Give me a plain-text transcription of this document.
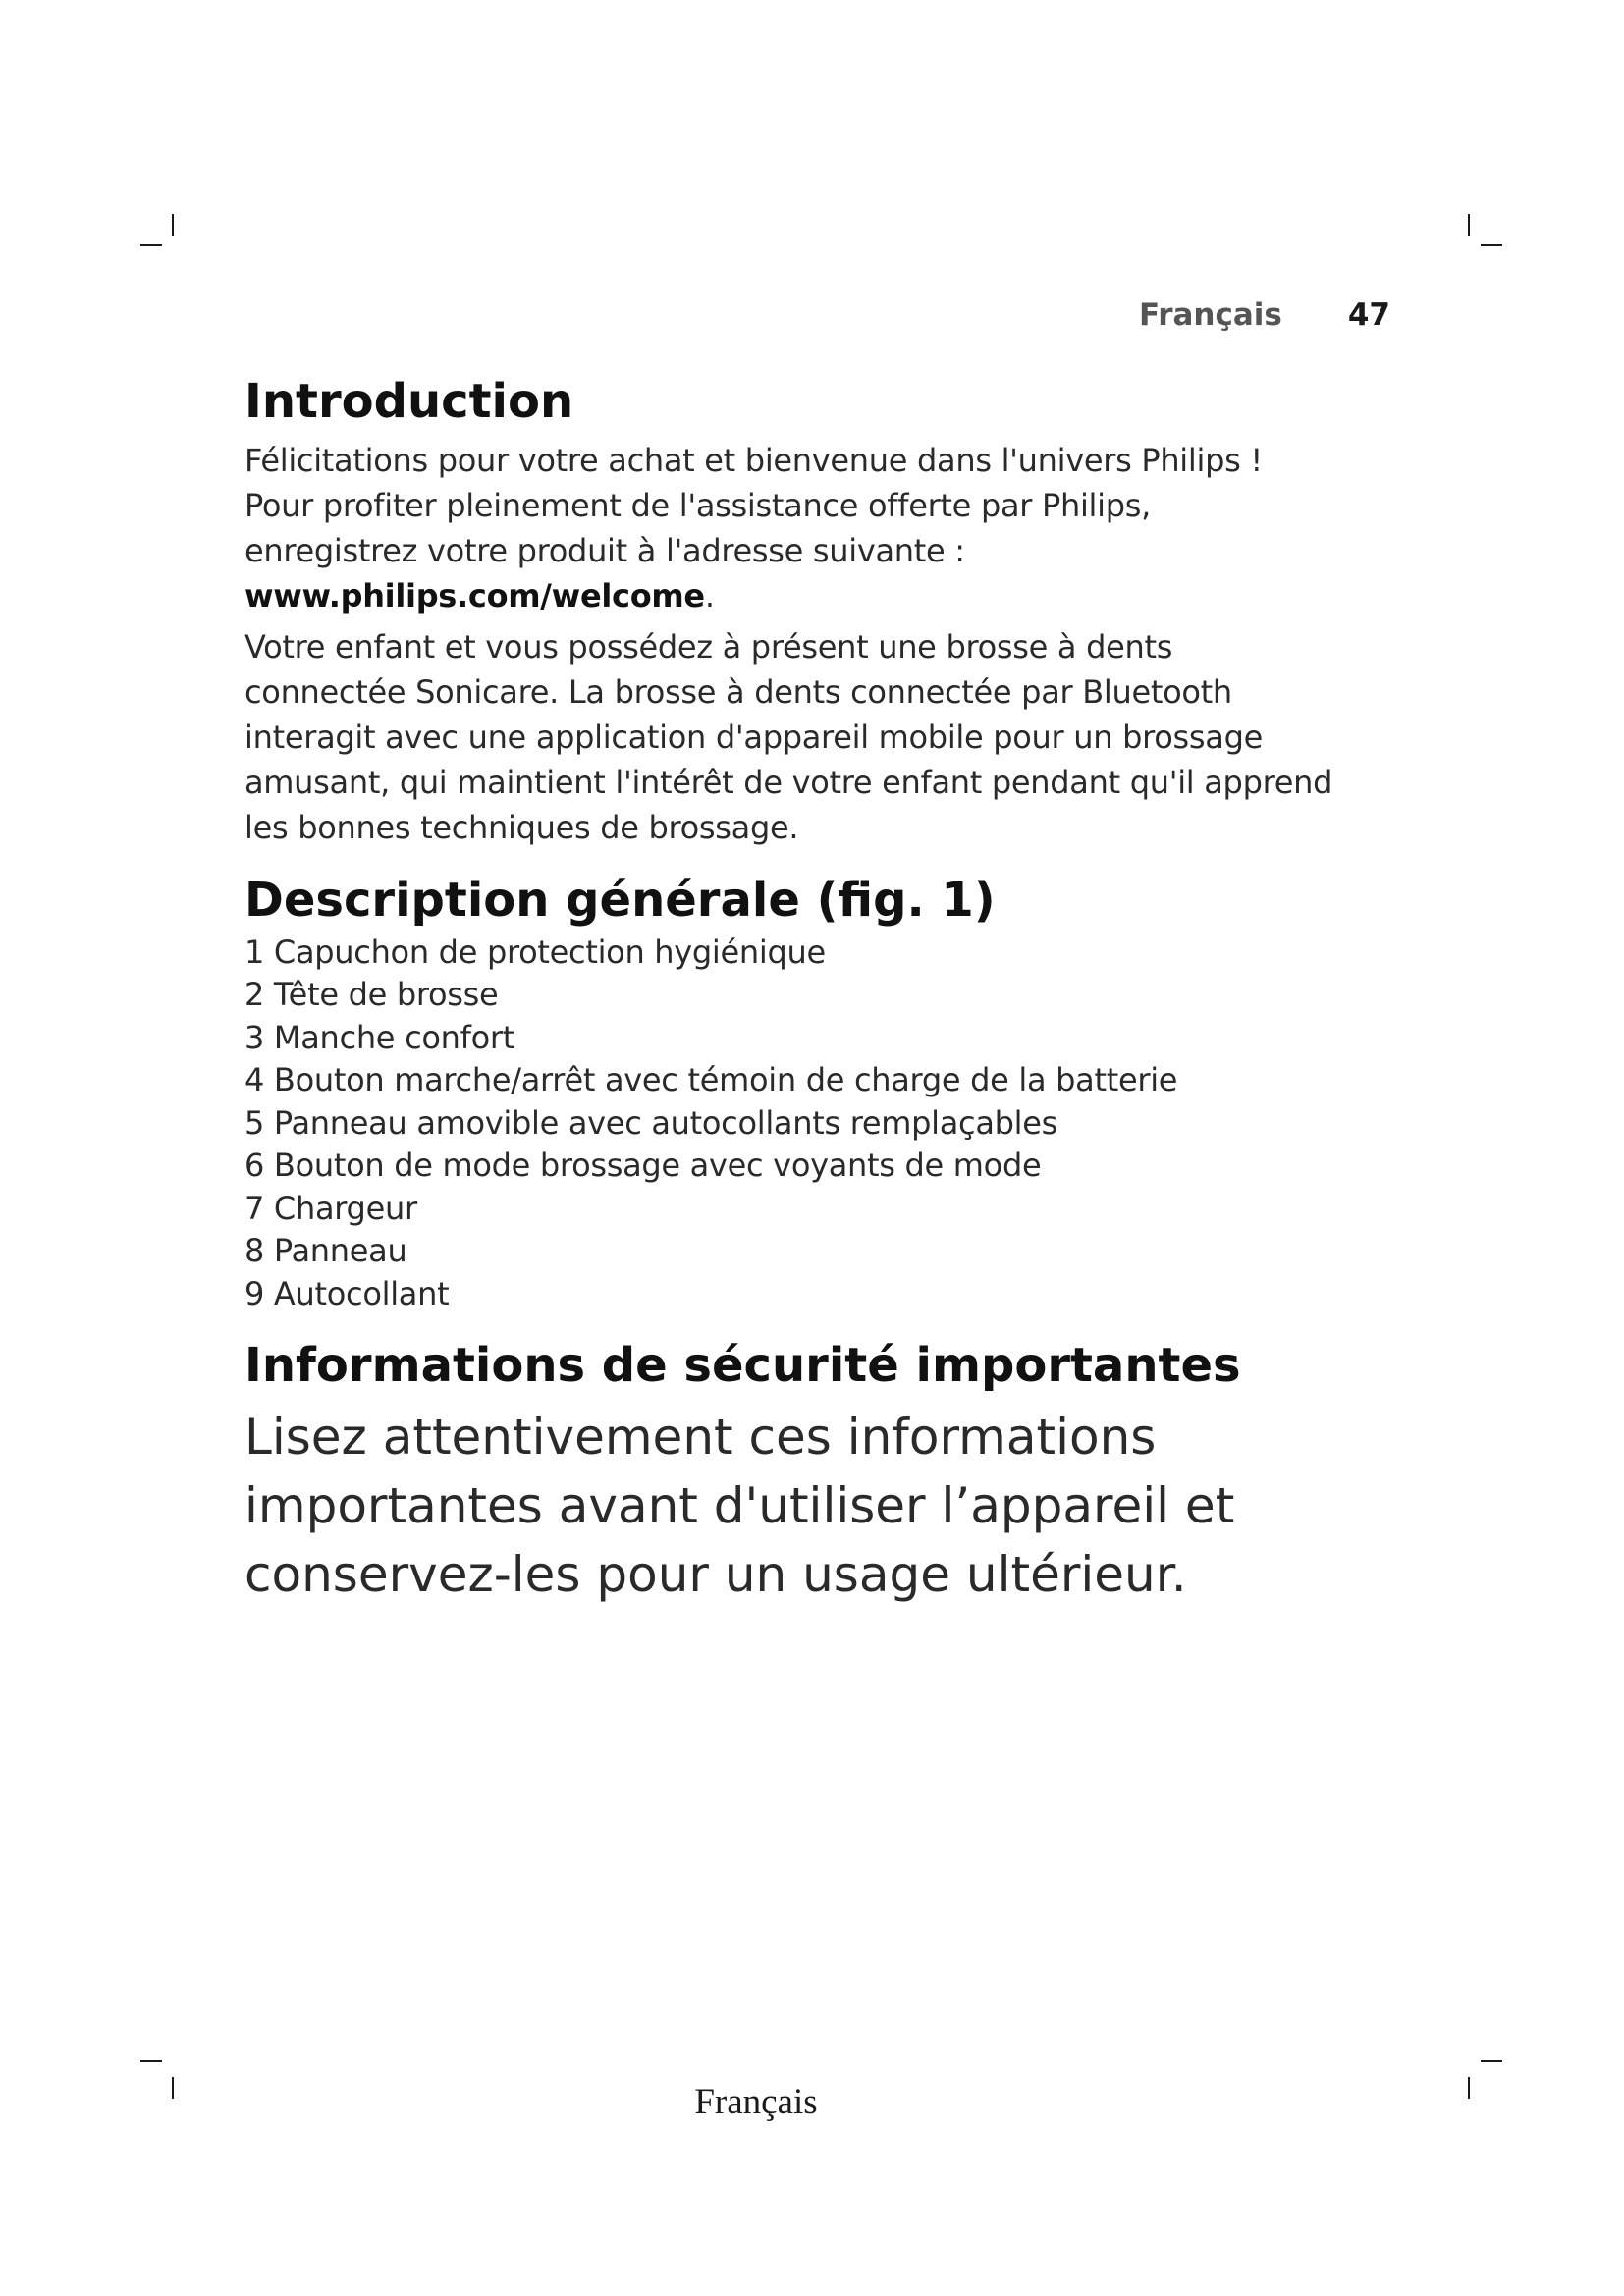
Français 47
Introduction

Félicitations pour votre achat et bienvenue dans l'univers Philips !
Pour profiter pleinement de l'assistance offerte par Philips,
enregistrez votre produit à l'adresse suivante :
www.philips.com/welcome.

Votre enfant et vous possédez à présent une brosse à dents
connectée Sonicare. La brosse à dents connectée par Bluetooth
interagit avec une application d'appareil mobile pour un brossage
amusant, qui maintient l'intérêt de votre enfant pendant qu'il apprend
les bonnes techniques de brossage.

Description générale (fig. 1)
1 Capuchon de protection hygiénique
2 Tête de brosse
3 Manche confort
4 Bouton marche/arrêt avec témoin de charge de la batterie
5 Panneau amovible avec autocollants remplaçables
6 Bouton de mode brossage avec voyants de mode
7 Chargeur
8 Panneau
9 Autocollant
Informations de sécurité importantes

Lisez attentivement ces informations
importantes avant d'utiliser l’appareil et
conservez-les pour un usage ultérieur.

Français
